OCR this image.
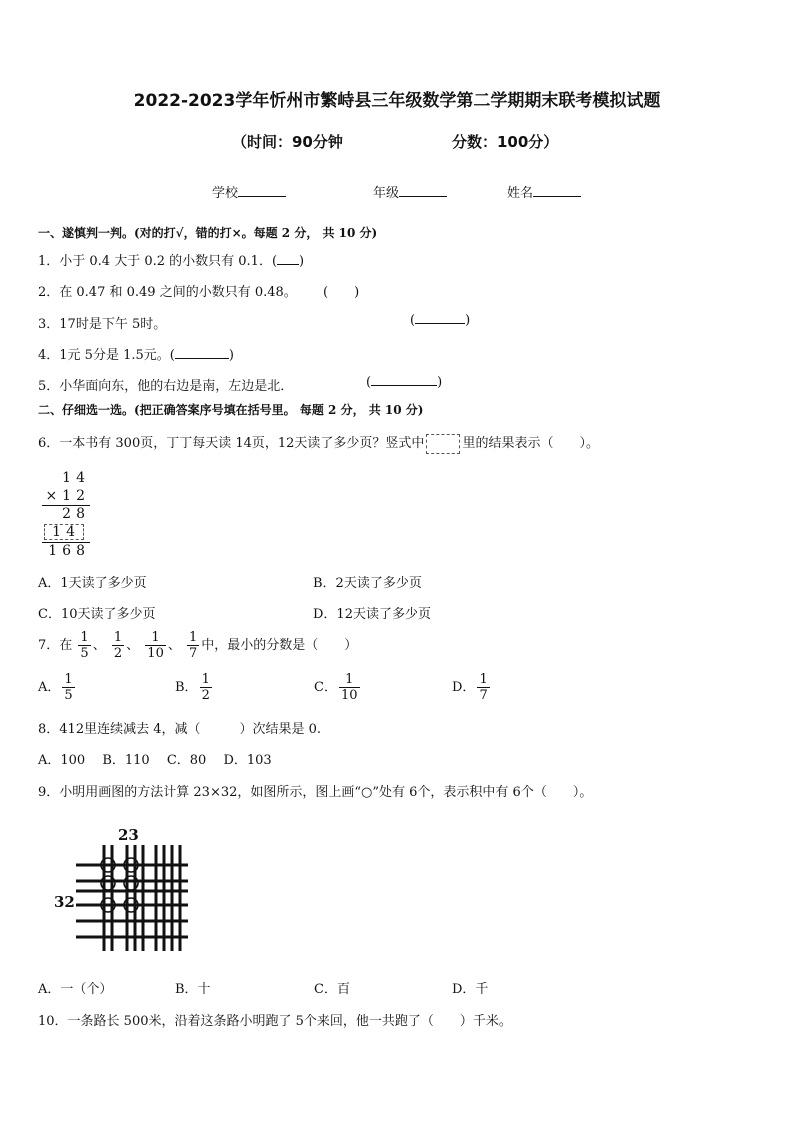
2022-2023学年忻州市繁峙县三年级数学第二学期期末联考模拟试题
（时间：90分钟	分数：100分）
学校	年级	姓名
一、遂慎判一判。(对的打√，错的打×。每题 2 分， 共 10 分)
1．小于 0.4 大于 0.2 的小数只有 0.1．( )
2．在 0.47 和 0.49 之间的小数只有 0.48。 (　　)
3．17时是下午 5时。	(	)
4．1元 5分是 1.5元。(	)
5．小华面向东，他的右边是南，左边是北．	(	)
二、仔细选一选。(把正确答案序号填在括号里。 每题 2 分， 共 10 分)
6．一本书有 300页，丁丁每天读 14页，12天读了多少页？竖式中	里的结果表示（　　）。
14
×12
28
14
168
A．1天读了多少页	B．2天读了多少页
C．10天读了多少页	D．12天读了多少页
7．在 $\frac{1}{5}$ 、 $\frac{1}{2}$ 、 $\frac{1}{10}$ 、 $\frac{1}{7}$ 中，最小的分数是（　　）
A． $\frac{1}{5}$	B． $\frac{1}{2}$	C． $\frac{1}{10}$	D． $\frac{1}{7}$
8．412里连续减去 4，减（　　　）次结果是 0.
A．100　 B．110　 C．80　 D．103
9．小明用画图的方法计算 23×32，如图所示，图上画“○”处有 6个，表示积中有 6个（　　）。
23
32
A．一（个）	B．十	C．百	D．千
10．一条路长 500米，沿着这条路小明跑了 5个来回，他一共跑了（　　）千米。
